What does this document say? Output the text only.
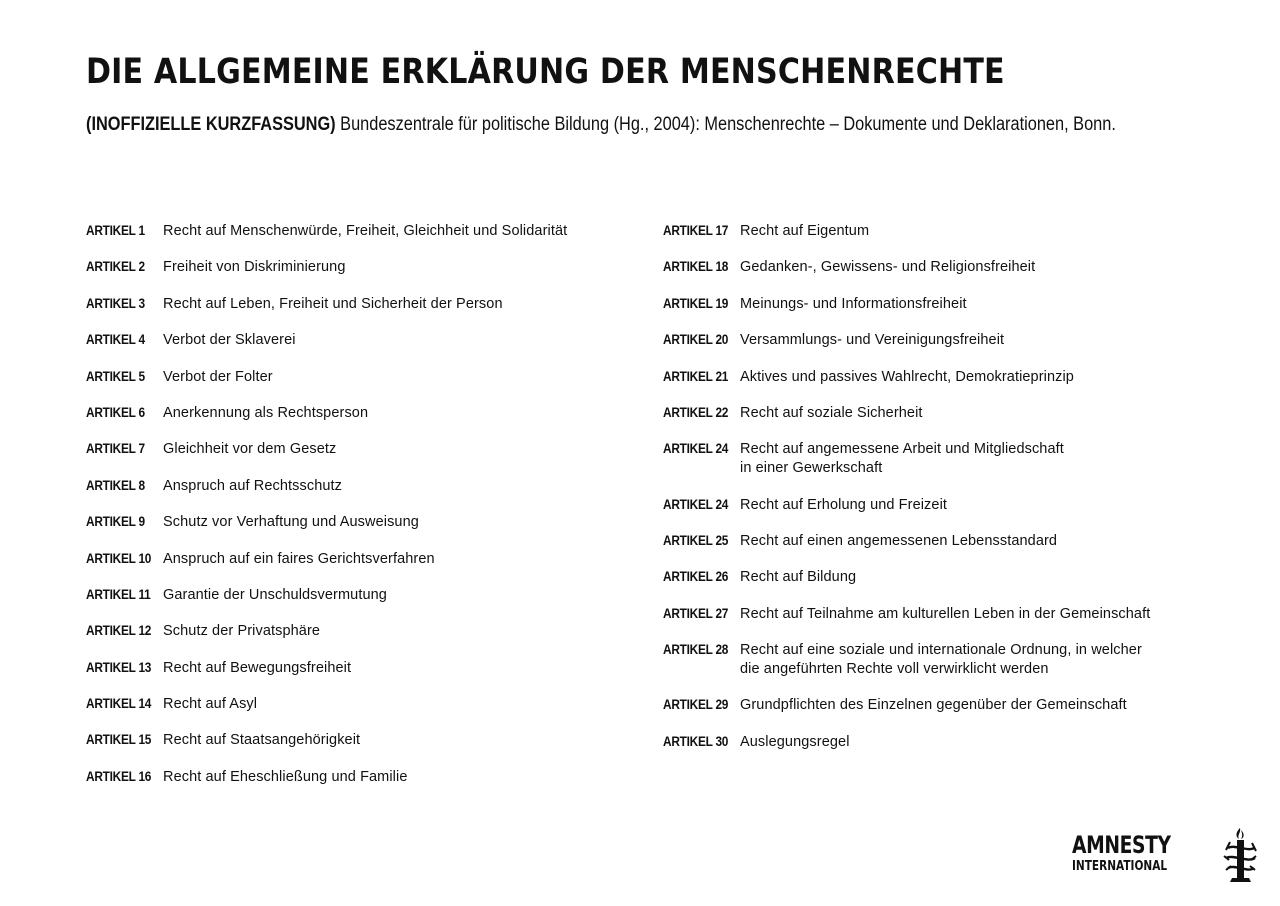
DIE ALLGEMEINE ERKLÄRUNG DER MENSCHENRECHTE

(INOFFIZIELLE KURZFASSUNG) Bundeszentrale für politische Bildung (Hg., 2004): Menschenrechte – Dokumente und Deklarationen, Bonn.

ARTIKEL 1	Recht auf Menschenwürde, Freiheit, Gleichheit und Solidarität
ARTIKEL 2	Freiheit von Diskriminierung
ARTIKEL 3	Recht auf Leben, Freiheit und Sicherheit der Person
ARTIKEL 4	Verbot der Sklaverei
ARTIKEL 5	Verbot der Folter
ARTIKEL 6	Anerkennung als Rechtsperson
ARTIKEL 7	Gleichheit vor dem Gesetz
ARTIKEL 8	Anspruch auf Rechtsschutz
ARTIKEL 9	Schutz vor Verhaftung und Ausweisung
ARTIKEL 10 Anspruch auf ein faires Gerichtsverfahren
ARTIKEL 11 Garantie der Unschuldsvermutung
ARTIKEL 12 Schutz der Privatsphäre
ARTIKEL 13 Recht auf Bewegungsfreiheit
ARTIKEL 14 Recht auf Asyl
ARTIKEL 15 Recht auf Staatsangehörigkeit
ARTIKEL 16 Recht auf Eheschließung und Familie
ARTIKEL 17 Recht auf Eigentum
ARTIKEL 18 Gedanken-, Gewissens- und Religionsfreiheit
ARTIKEL 19 Meinungs- und Informationsfreiheit
ARTIKEL 20 Versammlungs- und Vereinigungsfreiheit
ARTIKEL 21 Aktives und passives Wahlrecht, Demokratieprinzip
ARTIKEL 22 Recht auf soziale Sicherheit
ARTIKEL 24 Recht auf angemessene Arbeit und Mitgliedschaft
in einer Gewerkschaft
ARTIKEL 24 Recht auf Erholung und Freizeit
ARTIKEL 25 Recht auf einen angemessenen Lebensstandard
ARTIKEL 26 Recht auf Bildung
ARTIKEL 27 Recht auf Teilnahme am kulturellen Leben in der Gemeinschaft
ARTIKEL 28 Recht auf eine soziale und internationale Ordnung, in welcher
die angeführten Rechte voll verwirklicht werden
ARTIKEL 29 Grundpflichten des Einzelnen gegenüber der Gemeinschaft
ARTIKEL 30 Auslegungsregel
AMNESTY
INTERNATIONAL
